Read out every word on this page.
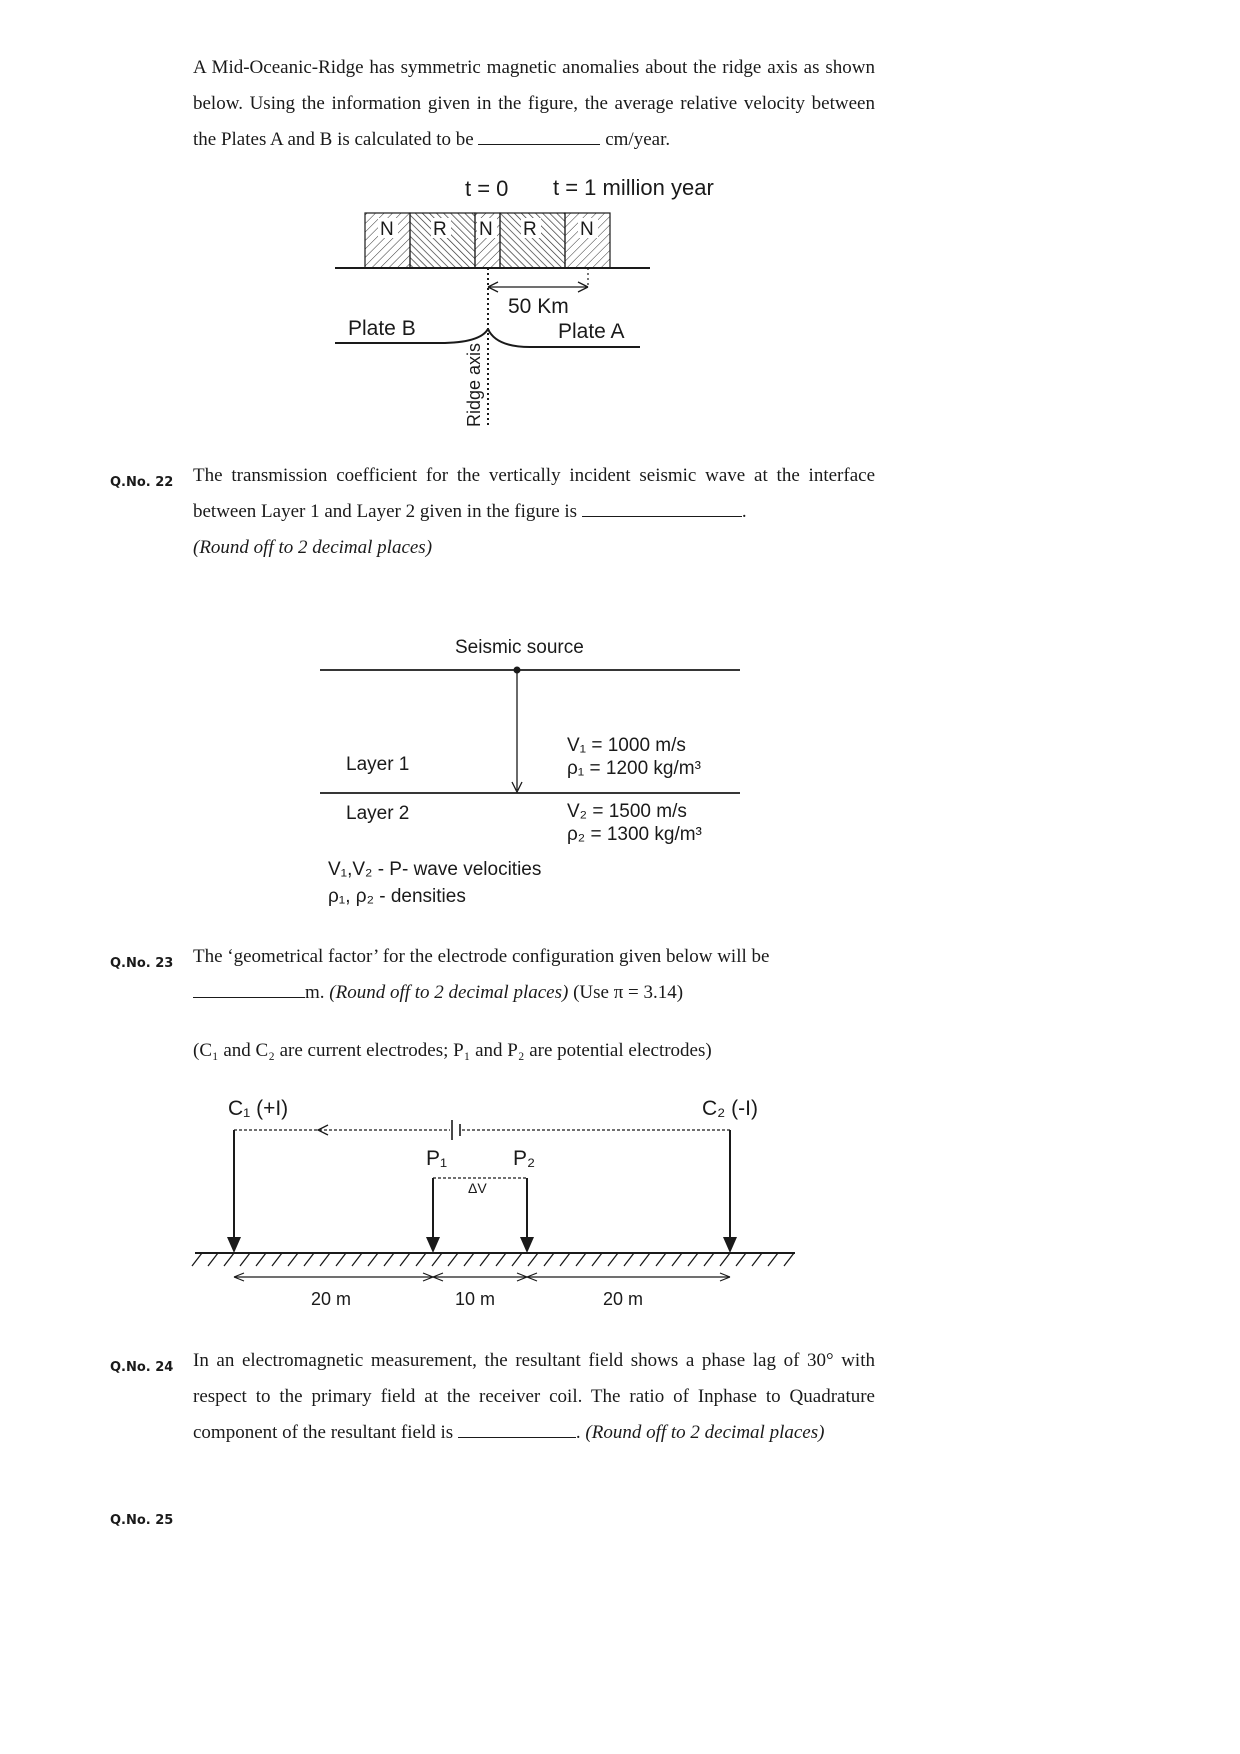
A Mid-Oceanic-Ridge has symmetric magnetic anomalies about the ridge axis as shown below. Using the information given in the figure, the average relative velocity between the Plates A and B is calculated to be	cm/year.
t = 0 t = 1 million year
N R N R N
50 Km
Plate B	Plate A
Ridge axis
Q.No. 22 The transmission coefficient for the vertically incident seismic wave at the interface between Layer 1 and Layer 2 given in the figure is	.
(Round off to 2 decimal places)
Seismic source
Layer 1
Layer 2
V₁ = 1000 m/s
ρ₁ = 1200 kg/m³
V₂ = 1500 m/s
ρ₂ = 1300 kg/m³
V₁,V₂ - P- wave velocities
ρ₁, ρ₂ - densities
Q.No. 23 The ‘geometrical factor’ for the electrode configuration given below will be
m. (Round off to 2 decimal places) (Use π = 3.14)
(C₁ and C₂ are current electrodes; P₁ and P₂ are potential electrodes)
C₁ (+I)	C₂ (-I)
P₁	P₂
ΔV
20 m	10 m	20 m
Q.No. 24 In an electromagnetic measurement, the resultant field shows a phase lag of 30° with respect to the primary field at the receiver coil. The ratio of Inphase to Quadrature component of the resultant field is	. (Round off to 2 decimal places)
Q.No. 25
